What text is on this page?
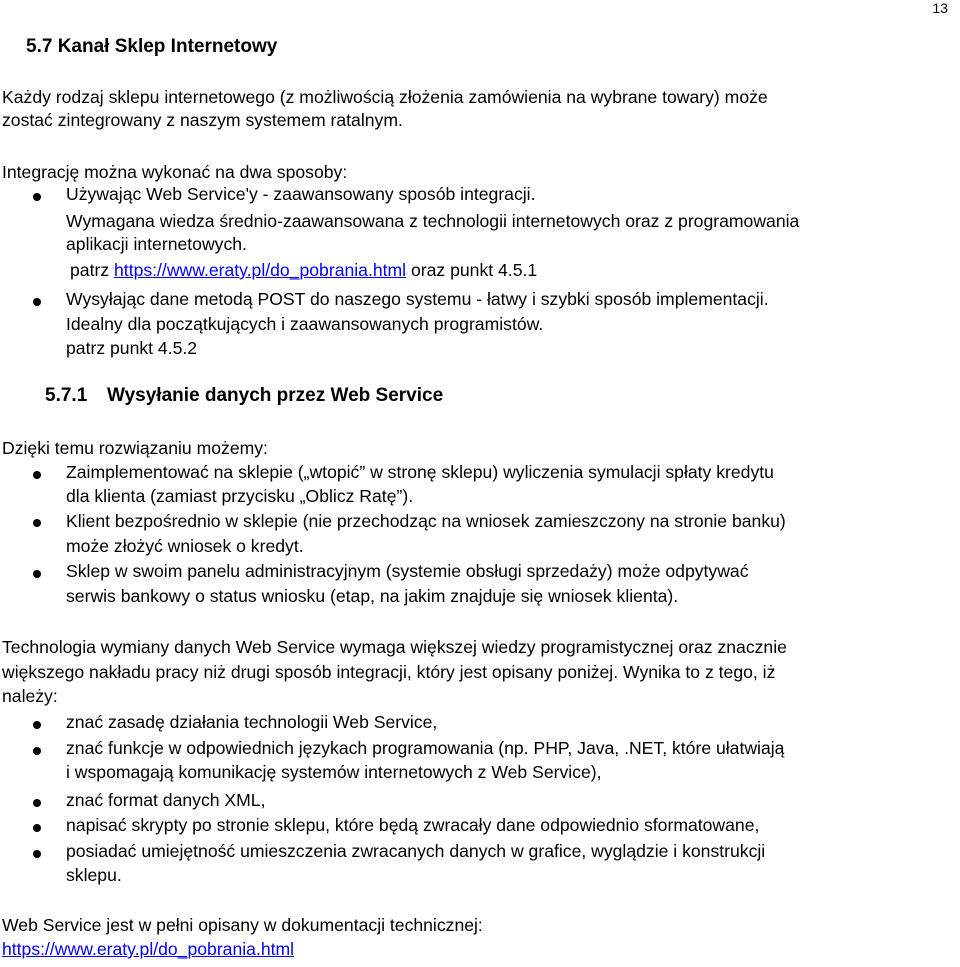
13
5.7 Kanał Sklep Internetowy
Każdy rodzaj sklepu internetowego (z możliwością złożenia zamówienia na wybrane towary) może
zostać zintegrowany z naszym systemem ratalnym.
Integrację można wykonać na dwa sposoby:
Używając Web Service'y - zaawansowany sposób integracji.
Wymagana wiedza średnio-zaawansowana z technologii internetowych oraz z programowania
aplikacji internetowych.
patrz https://www.eraty.pl/do_pobrania.html oraz punkt 4.5.1
Wysyłając dane metodą POST do naszego systemu - łatwy i szybki sposób implementacji.
Idealny dla początkujących i zaawansowanych programistów.
patrz punkt 4.5.2
5.7.1 Wysyłanie danych przez Web Service
Dzięki temu rozwiązaniu możemy:
Zaimplementować na sklepie („wtopić” w stronę sklepu) wyliczenia symulacji spłaty kredytu
dla klienta (zamiast przycisku „Oblicz Ratę”).
Klient bezpośrednio w sklepie (nie przechodząc na wniosek zamieszczony na stronie banku)
może złożyć wniosek o kredyt.
Sklep w swoim panelu administracyjnym (systemie obsługi sprzedaży) może odpytywać
serwis bankowy o status wniosku (etap, na jakim znajduje się wniosek klienta).
Technologia wymiany danych Web Service wymaga większej wiedzy programistycznej oraz znacznie
większego nakładu pracy niż drugi sposób integracji, który jest opisany poniżej. Wynika to z tego, iż
należy:
znać zasadę działania technologii Web Service,
znać funkcje w odpowiednich językach programowania (np. PHP, Java, .NET, które ułatwiają
i wspomagają komunikację systemów internetowych z Web Service),
znać format danych XML,
napisać skrypty po stronie sklepu, które będą zwracały dane odpowiednio sformatowane,
posiadać umiejętność umieszczenia zwracanych danych w grafice, wyglądzie i konstrukcji
sklepu.
Web Service jest w pełni opisany w dokumentacji technicznej:
https://www.eraty.pl/do_pobrania.html
